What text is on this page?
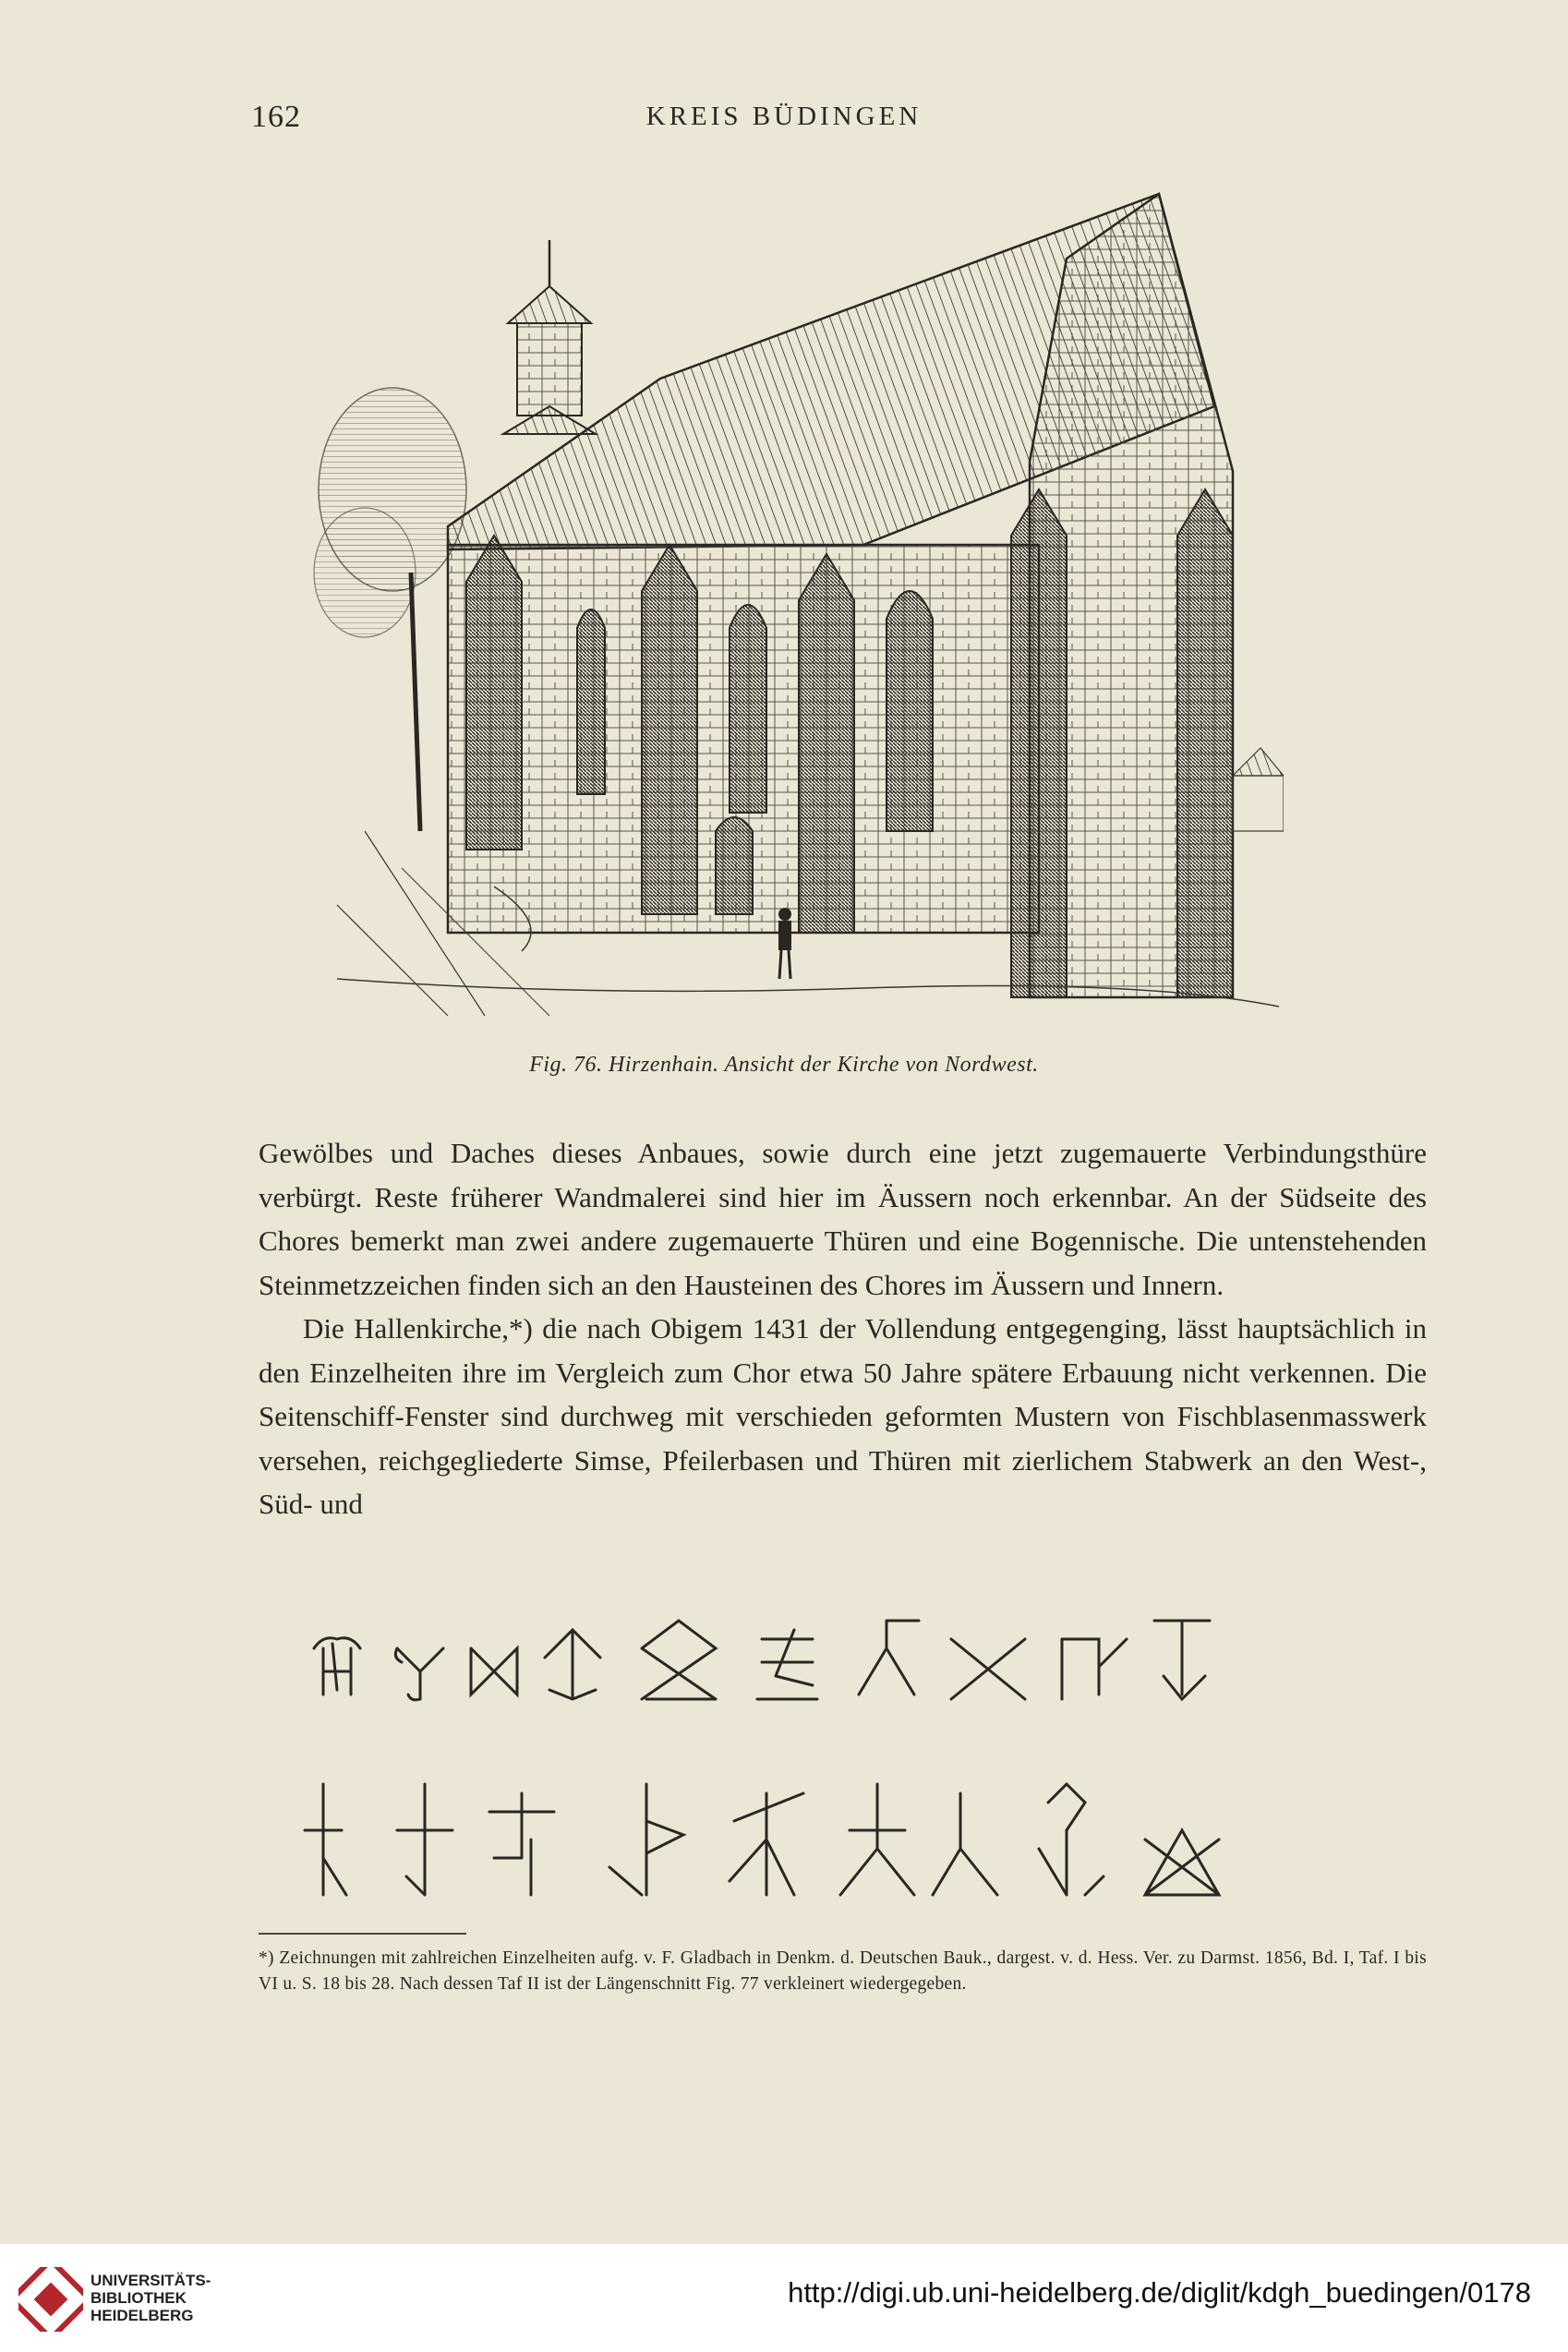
162	KREIS BÜDINGEN
Fig. 76. Hirzenhain. Ansicht der Kirche von Nordwest.

Gewölbes und Daches dieses Anbaues, sowie durch eine jetzt zugemauerte Verbindungsthüre verbürgt. Reste früherer Wandmalerei sind hier im Äussern noch erkennbar. An der Südseite des Chores bemerkt man zwei andere zugemauerte Thüren und eine Bogennische. Die untenstehenden Steinmetzzeichen finden sich an den Hausteinen des Chores im Äussern und Innern.

Die Hallenkirche,*) die nach Obigem 1431 der Vollendung entgegenging, lässt hauptsächlich in den Einzelheiten ihre im Vergleich zum Chor etwa 50 Jahre spätere Erbauung nicht verkennen. Die Seitenschiff-Fenster sind durchweg mit verschieden geformten Mustern von Fischblasenmasswerk versehen, reichgegliederte Simse, Pfeilerbasen und Thüren mit zierlichem Stabwerk an den West-, Süd- und

*) Zeichnungen mit zahlreichen Einzelheiten aufg. v. F. Gladbach in Denkm. d. Deutschen Bauk., dargest. v. d. Hess. Ver. zu Darmst. 1856, Bd. I, Taf. I bis VI u. S. 18 bis 28. Nach dessen Taf II ist der Längenschnitt Fig. 77 verkleinert wiedergegeben.
UNIVERSITÄTS-
BIBLIOTHEK
HEIDELBERG
http://digi.ub.uni-heidelberg.de/diglit/kdgh_buedingen/0178
